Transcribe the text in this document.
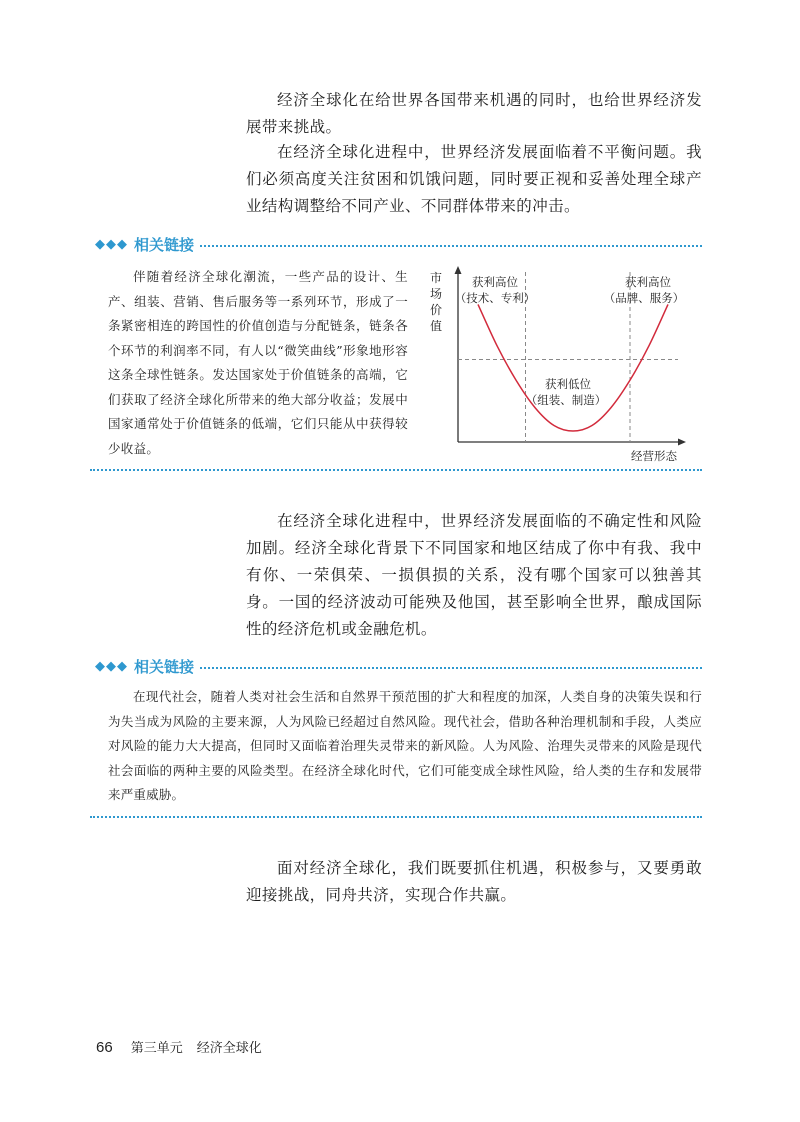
经济全球化在给世界各国带来机遇的同时，也给世界经济发展带来挑战。

在经济全球化进程中，世界经济发展面临着不平衡问题。我们必须高度关注贫困和饥饿问题，同时要正视和妥善处理全球产业结构调整给不同产业、不同群体带来的冲击。

◆◆◆ 相关链接

伴随着经济全球化潮流，一些产品的设计、生产、组装、营销、售后服务等一系列环节，形成了一条紧密相连的跨国性的价值创造与分配链条，链条各个环节的利润率不同，有人以“微笑曲线”形象地形容这条全球性链条。发达国家处于价值链条的高端，它们获取了经济全球化所带来的绝大部分收益；发展中国家通常处于价值链条的低端，它们只能从中获得较少收益。

市
场
价
值
获利高位
（技术、专利）
获利高位
（品牌、服务）
获利低位
（组装、制造）
经营形态

在经济全球化进程中，世界经济发展面临的不确定性和风险加剧。经济全球化背景下不同国家和地区结成了你中有我、我中有你、一荣俱荣、一损俱损的关系，没有哪个国家可以独善其身。一国的经济波动可能殃及他国，甚至影响全世界，酿成国际性的经济危机或金融危机。

◆◆◆ 相关链接

在现代社会，随着人类对社会生活和自然界干预范围的扩大和程度的加深，人类自身的决策失误和行为失当成为风险的主要来源，人为风险已经超过自然风险。现代社会，借助各种治理机制和手段，人类应对风险的能力大大提高，但同时又面临着治理失灵带来的新风险。人为风险、治理失灵带来的风险是现代社会面临的两种主要的风险类型。在经济全球化时代，它们可能变成全球性风险，给人类的生存和发展带来严重威胁。

面对经济全球化，我们既要抓住机遇，积极参与，又要勇敢迎接挑战，同舟共济，实现合作共赢。

66 第三单元 经济全球化
